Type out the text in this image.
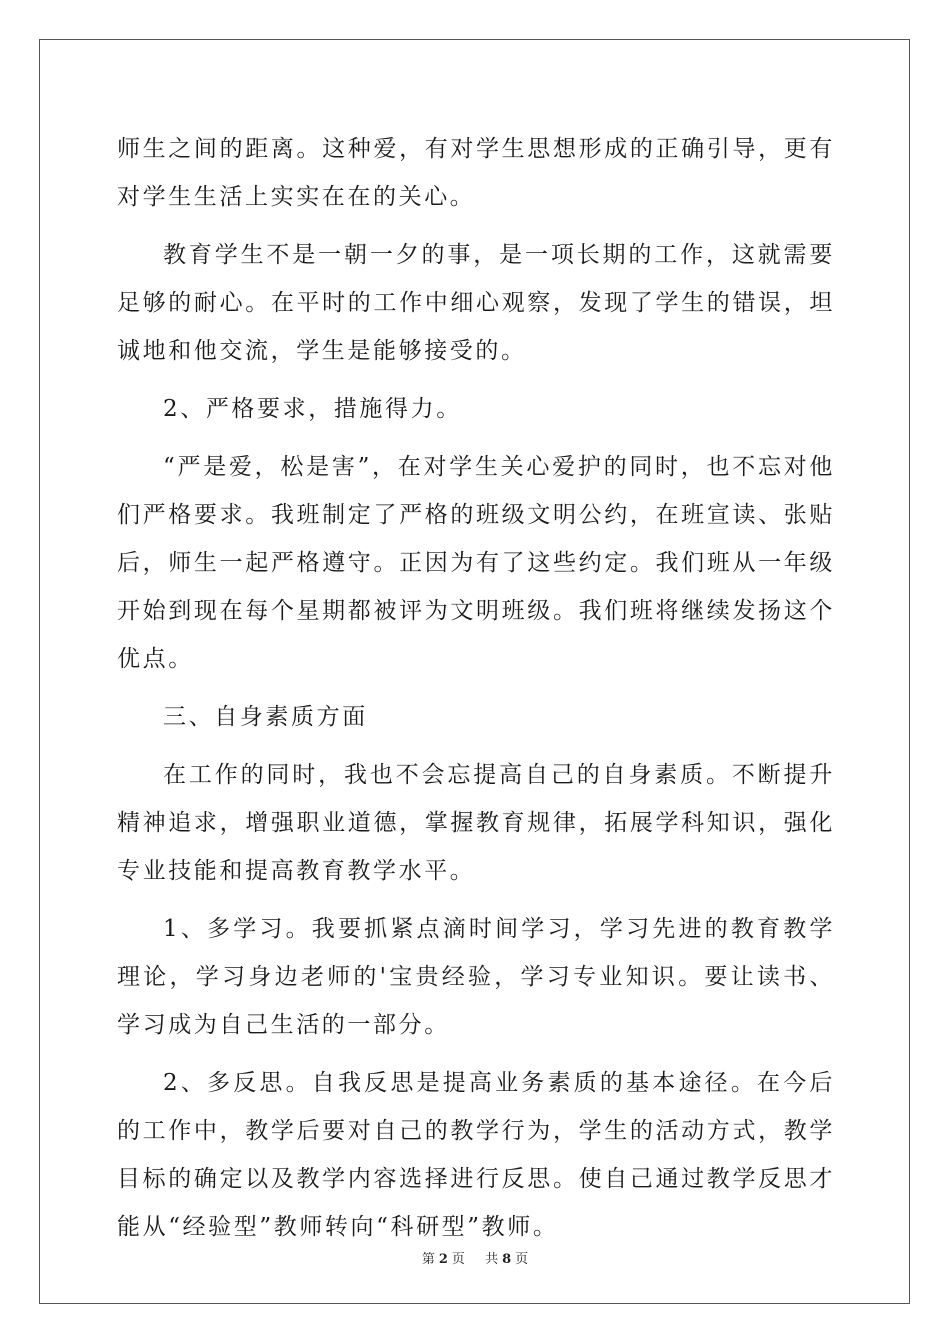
师生之间的距离。这种爱，有对学生思想形成的正确引导，更有对学生生活上实实在在的关心。

教育学生不是一朝一夕的事，是一项长期的工作，这就需要足够的耐心。在平时的工作中细心观察，发现了学生的错误，坦诚地和他交流，学生是能够接受的。

2、严格要求，措施得力。

“严是爱，松是害”，在对学生关心爱护的同时，也不忘对他们严格要求。我班制定了严格的班级文明公约，在班宣读、张贴后，师生一起严格遵守。正因为有了这些约定。我们班从一年级开始到现在每个星期都被评为文明班级。我们班将继续发扬这个优点。

三、自身素质方面

在工作的同时，我也不会忘提高自己的自身素质。不断提升精神追求，增强职业道德，掌握教育规律，拓展学科知识，强化专业技能和提高教育教学水平。

1、多学习。我要抓紧点滴时间学习，学习先进的教育教学理论，学习身边老师的'宝贵经验，学习专业知识。要让读书、学习成为自己生活的一部分。

2、多反思。自我反思是提高业务素质的基本途径。在今后的工作中，教学后要对自己的教学行为，学生的活动方式，教学目标的确定以及教学内容选择进行反思。使自己通过教学反思才能从“经验型”教师转向“科研型”教师。

第 2 页 共 8 页
